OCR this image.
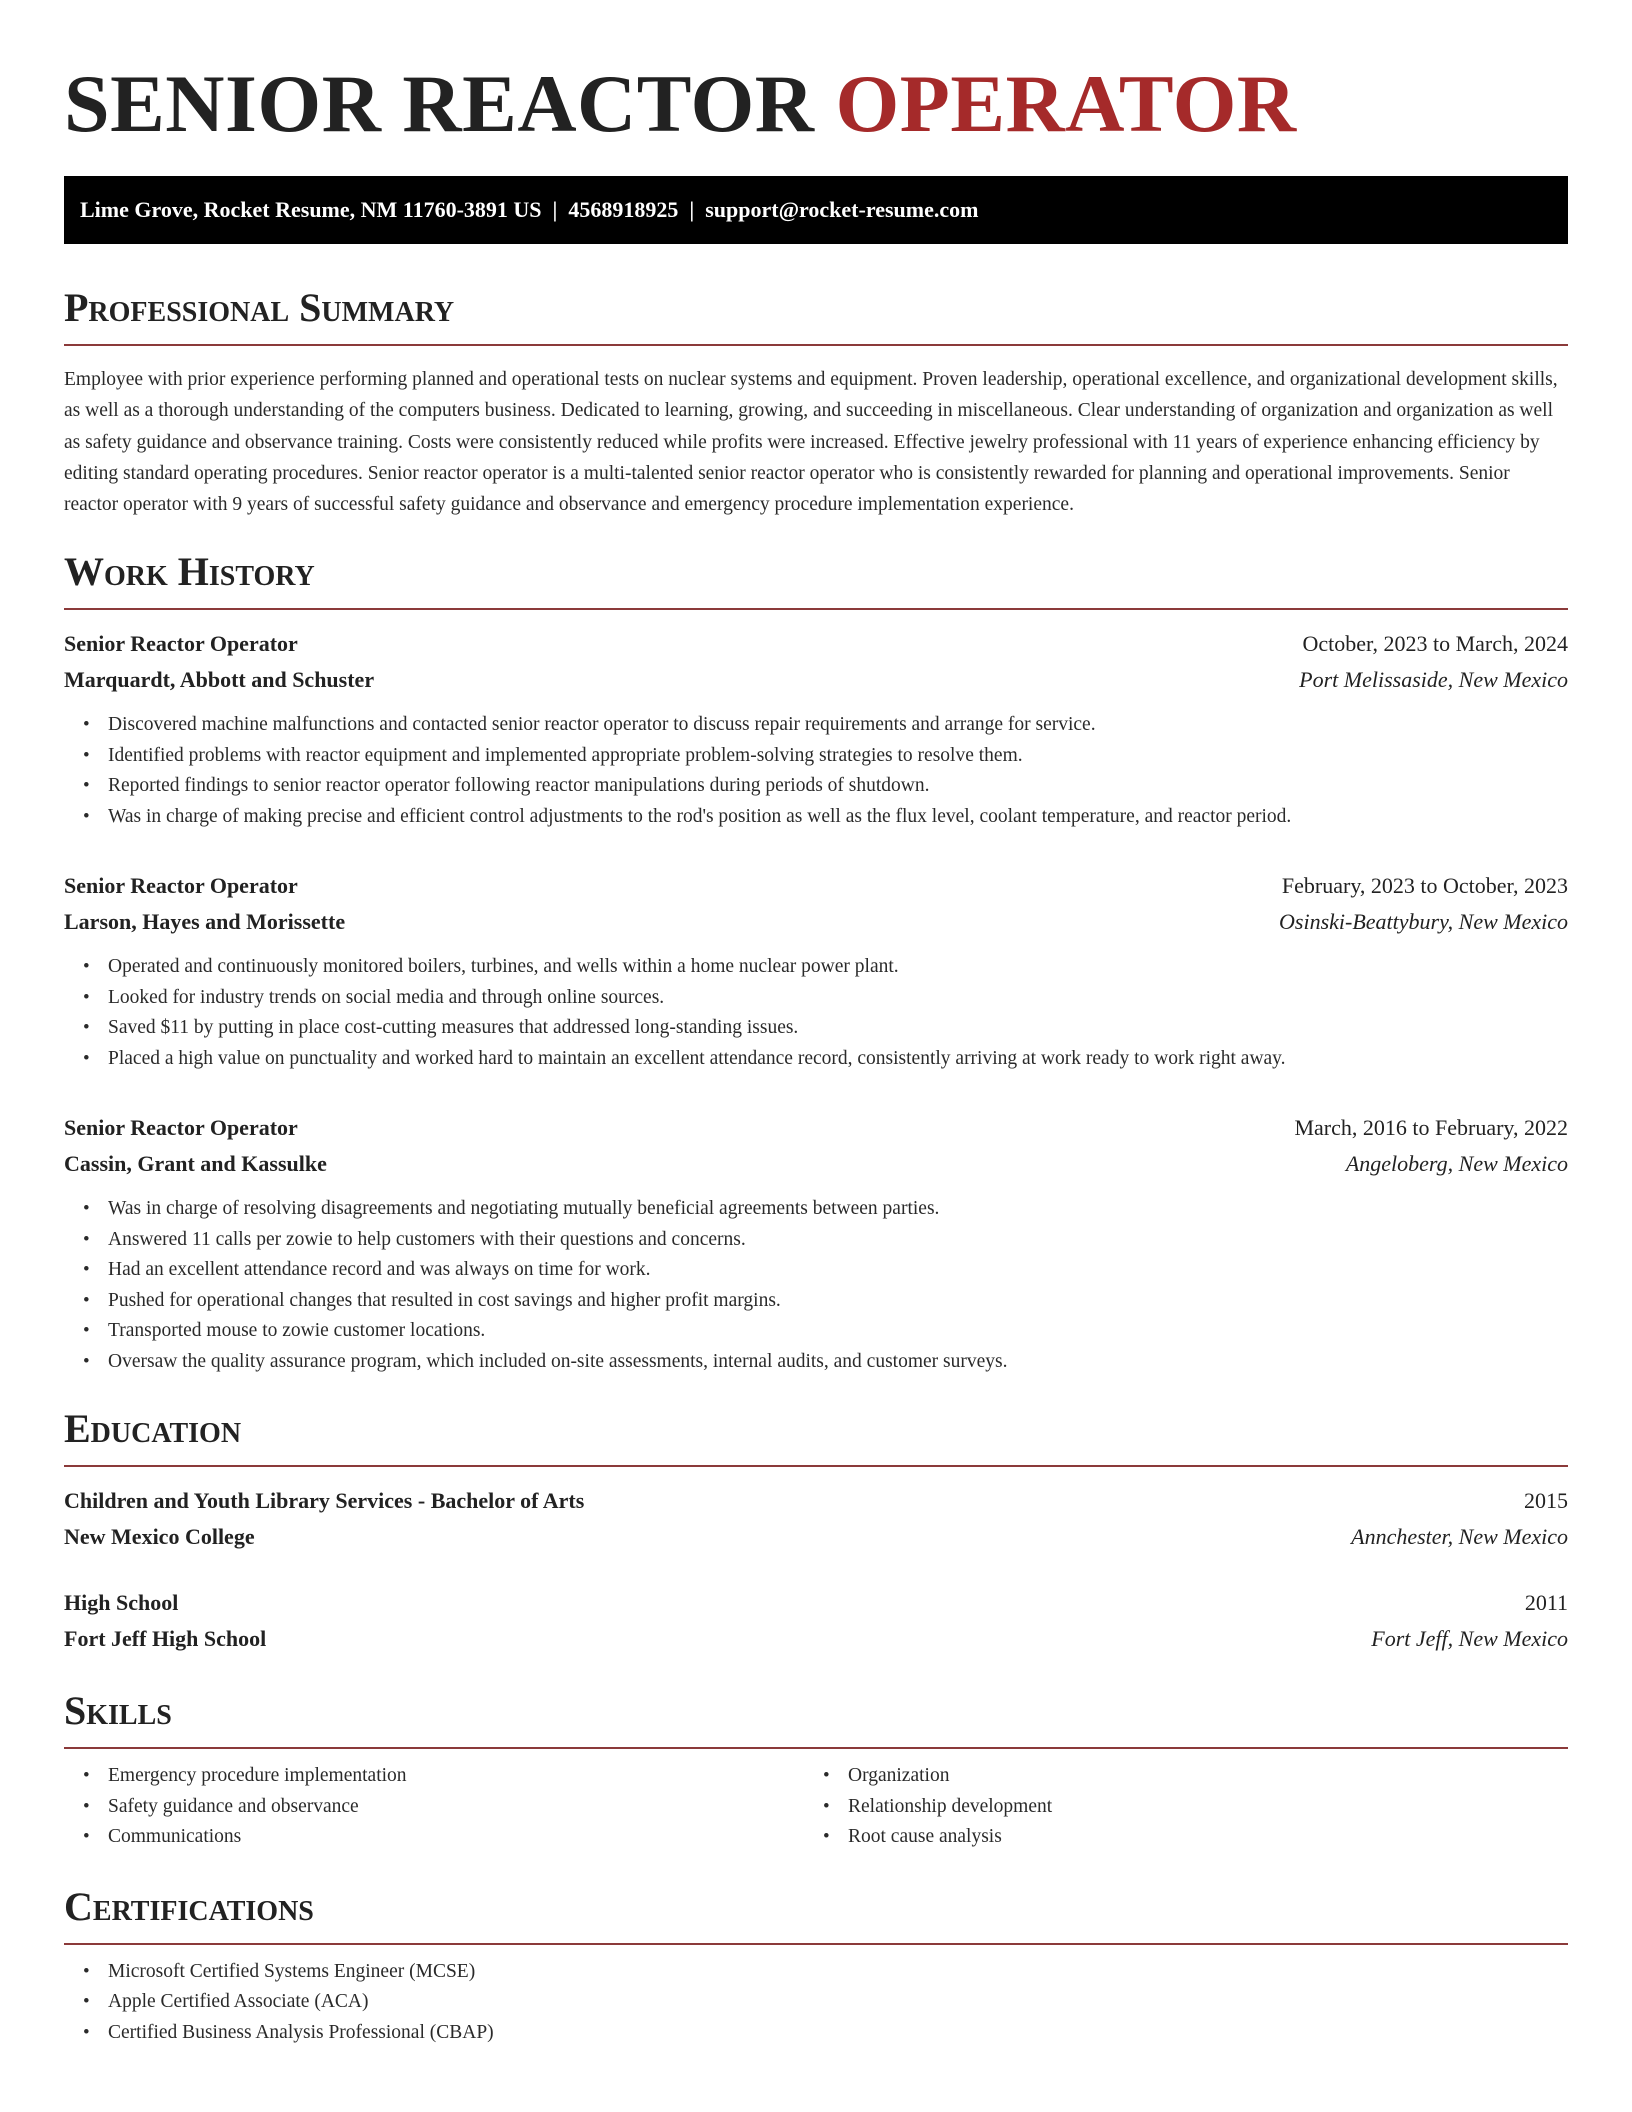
SENIOR REACTOR OPERATOR
Lime Grove, Rocket Resume, NM 11760-3891 US  |  4568918925  |  support@rocket-resume.com
Professional Summary

Employee with prior experience performing planned and operational tests on nuclear systems and equipment. Proven leadership, operational excellence, and organizational development skills, as well as a thorough understanding of the computers business. Dedicated to learning, growing, and succeeding in miscellaneous. Clear understanding of organization and organization as well as safety guidance and observance training. Costs were consistently reduced while profits were increased. Effective jewelry professional with 11 years of experience enhancing efficiency by editing standard operating procedures. Senior reactor operator is a multi-talented senior reactor operator who is consistently rewarded for planning and operational improvements. Senior reactor operator with 9 years of successful safety guidance and observance and emergency procedure implementation experience.

Work History
Senior Reactor Operator	October, 2023 to March, 2024
Marquardt, Abbott and Schuster	Port Melissaside, New Mexico
• Discovered machine malfunctions and contacted senior reactor operator to discuss repair requirements and arrange for service.
• Identified problems with reactor equipment and implemented appropriate problem-solving strategies to resolve them.
• Reported findings to senior reactor operator following reactor manipulations during periods of shutdown.
• Was in charge of making precise and efficient control adjustments to the rod's position as well as the flux level, coolant temperature, and reactor period.
Senior Reactor Operator	February, 2023 to October, 2023
Larson, Hayes and Morissette	Osinski-Beattybury, New Mexico
• Operated and continuously monitored boilers, turbines, and wells within a home nuclear power plant.
• Looked for industry trends on social media and through online sources.
• Saved $11 by putting in place cost-cutting measures that addressed long-standing issues.
• Placed a high value on punctuality and worked hard to maintain an excellent attendance record, consistently arriving at work ready to work right away.
Senior Reactor Operator	March, 2016 to February, 2022
Cassin, Grant and Kassulke	Angeloberg, New Mexico
• Was in charge of resolving disagreements and negotiating mutually beneficial agreements between parties.
• Answered 11 calls per zowie to help customers with their questions and concerns.
• Had an excellent attendance record and was always on time for work.
• Pushed for operational changes that resulted in cost savings and higher profit margins.
• Transported mouse to zowie customer locations.
• Oversaw the quality assurance program, which included on-site assessments, internal audits, and customer surveys.
Education
Children and Youth Library Services - Bachelor of Arts	2015
New Mexico College	Annchester, New Mexico
High School	2011
Fort Jeff High School	Fort Jeff, New Mexico
Skills
• Emergency procedure implementation
• Safety guidance and observance
• Communications
• Organization
• Relationship development
• Root cause analysis
Certifications
• Microsoft Certified Systems Engineer (MCSE)
• Apple Certified Associate (ACA)
• Certified Business Analysis Professional (CBAP)
